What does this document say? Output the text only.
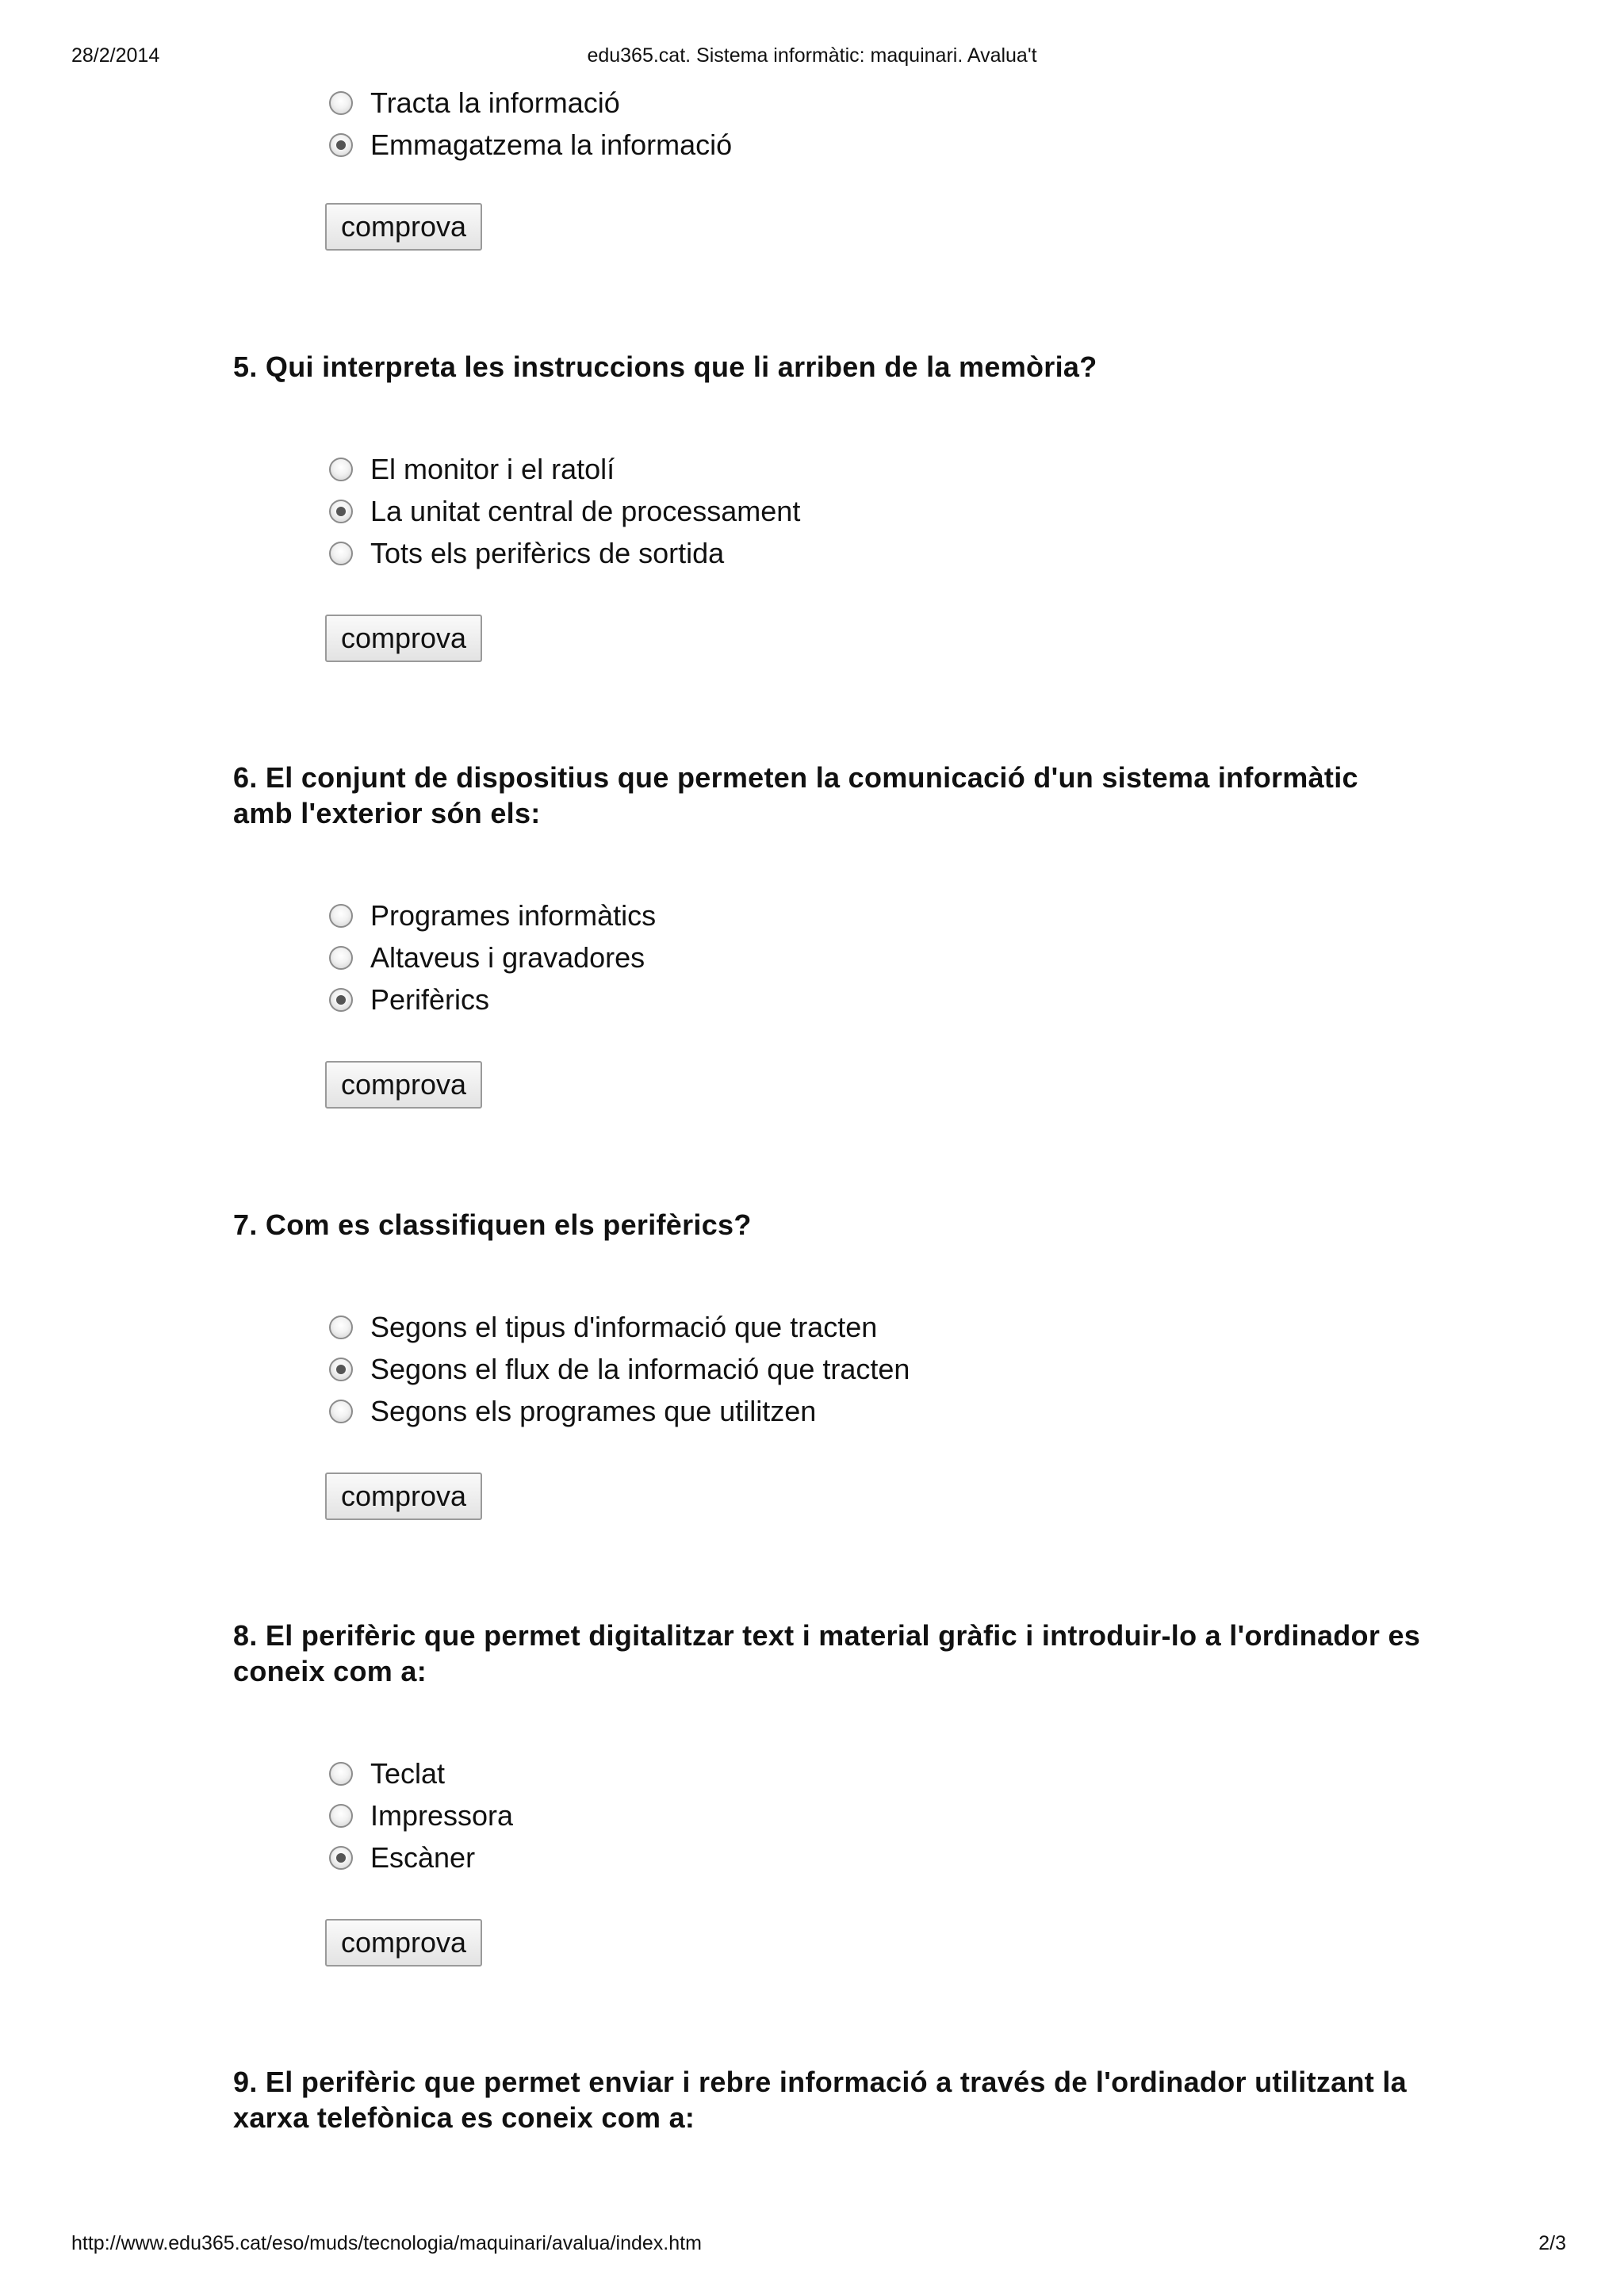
28/2/2014	edu365.cat. Sistema informàtic: maquinari. Avalua't
Tracta la informació
Emmagatzema la informació
comprova
5. Qui interpreta les instruccions que li arriben de la memòria?
El monitor i el ratolí
La unitat central de processament
Tots els perifèrics de sortida
comprova
6. El conjunt de dispositius que permeten la comunicació d'un sistema informàtic amb l'exterior són els:
Programes informàtics
Altaveus i gravadores
Perifèrics
comprova
7. Com es classifiquen els perifèrics?
Segons el tipus d'informació que tracten
Segons el flux de la informació que tracten
Segons els programes que utilitzen
comprova
8. El perifèric que permet digitalitzar text i material gràfic i introduir-lo a l'ordinador es coneix com a:
Teclat
Impressora
Escàner
comprova
9. El perifèric que permet enviar i rebre informació a través de l'ordinador utilitzant la xarxa telefònica es coneix com a:
http://www.edu365.cat/eso/muds/tecnologia/maquinari/avalua/index.htm	2/3
